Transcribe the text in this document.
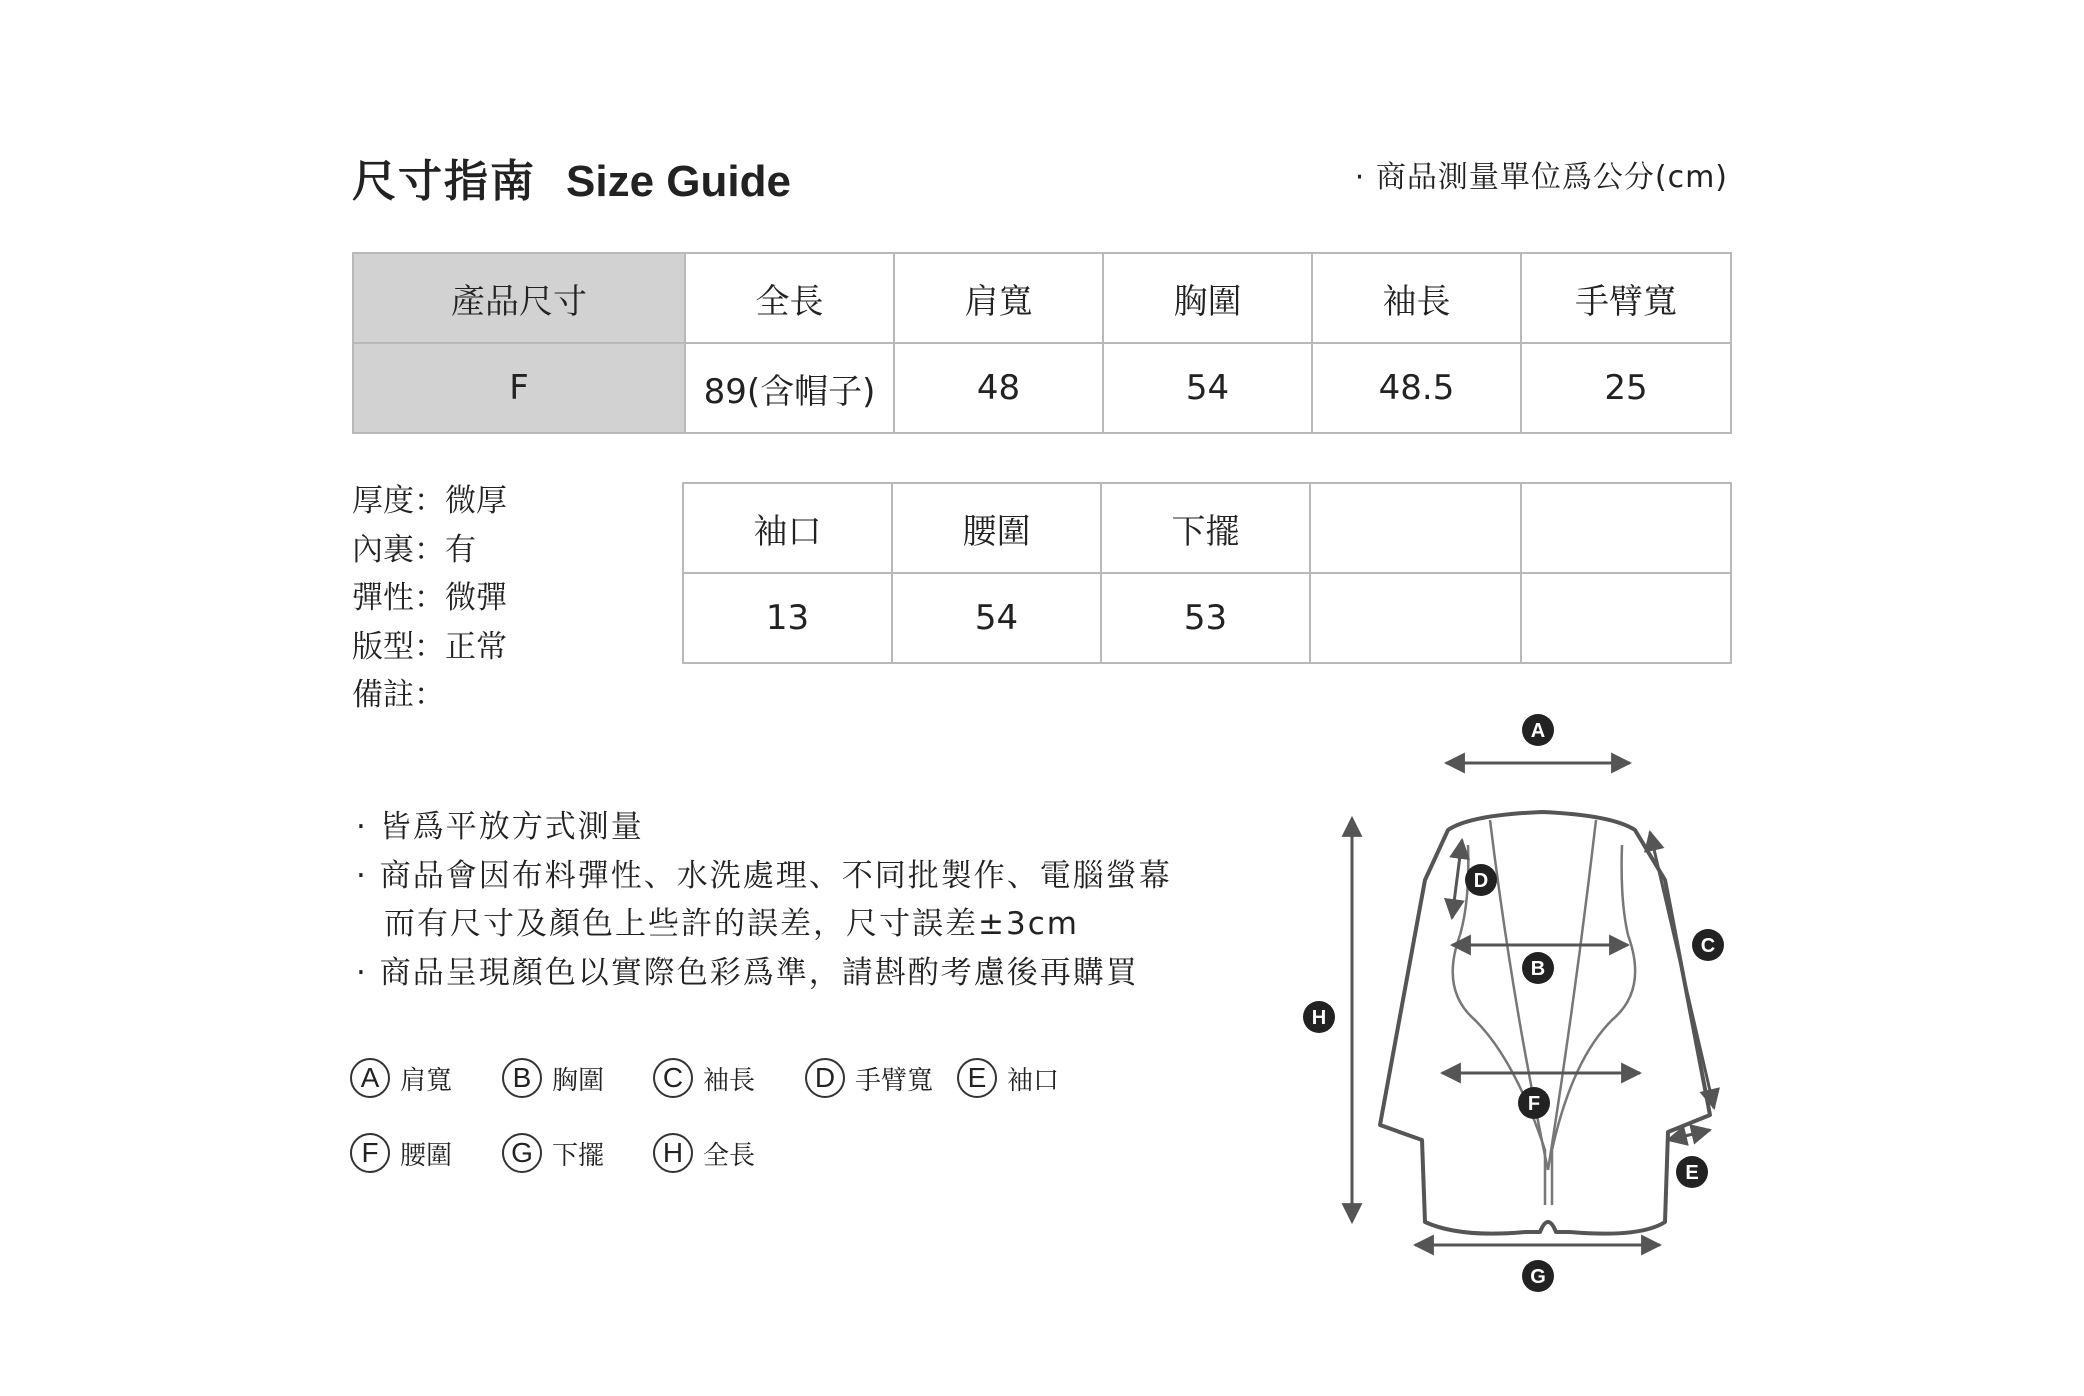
尺寸指南 Size Guide	· 商品測量單位爲公分(cm)
產品尺寸	全長	肩寬	胸圍	袖長	手臂寬
F	89(含帽子)	48	54	48.5	25
厚度：微厚
內裏：有
彈性：微彈
版型：正常
備註：
袖口	腰圍	下擺		
13	54	53		
· 皆爲平放方式測量
· 商品會因布料彈性、水洗處理、不同批製作、電腦螢幕
而有尺寸及顏色上些許的誤差，尺寸誤差±3cm
· 商品呈現顏色以實際色彩爲準，請斟酌考慮後再購買
A 肩寬	B 胸圍	C 袖長	D 手臂寬	E 袖口
F 腰圍	G 下擺	H 全長
A
B
C
D
E
F
G
H
